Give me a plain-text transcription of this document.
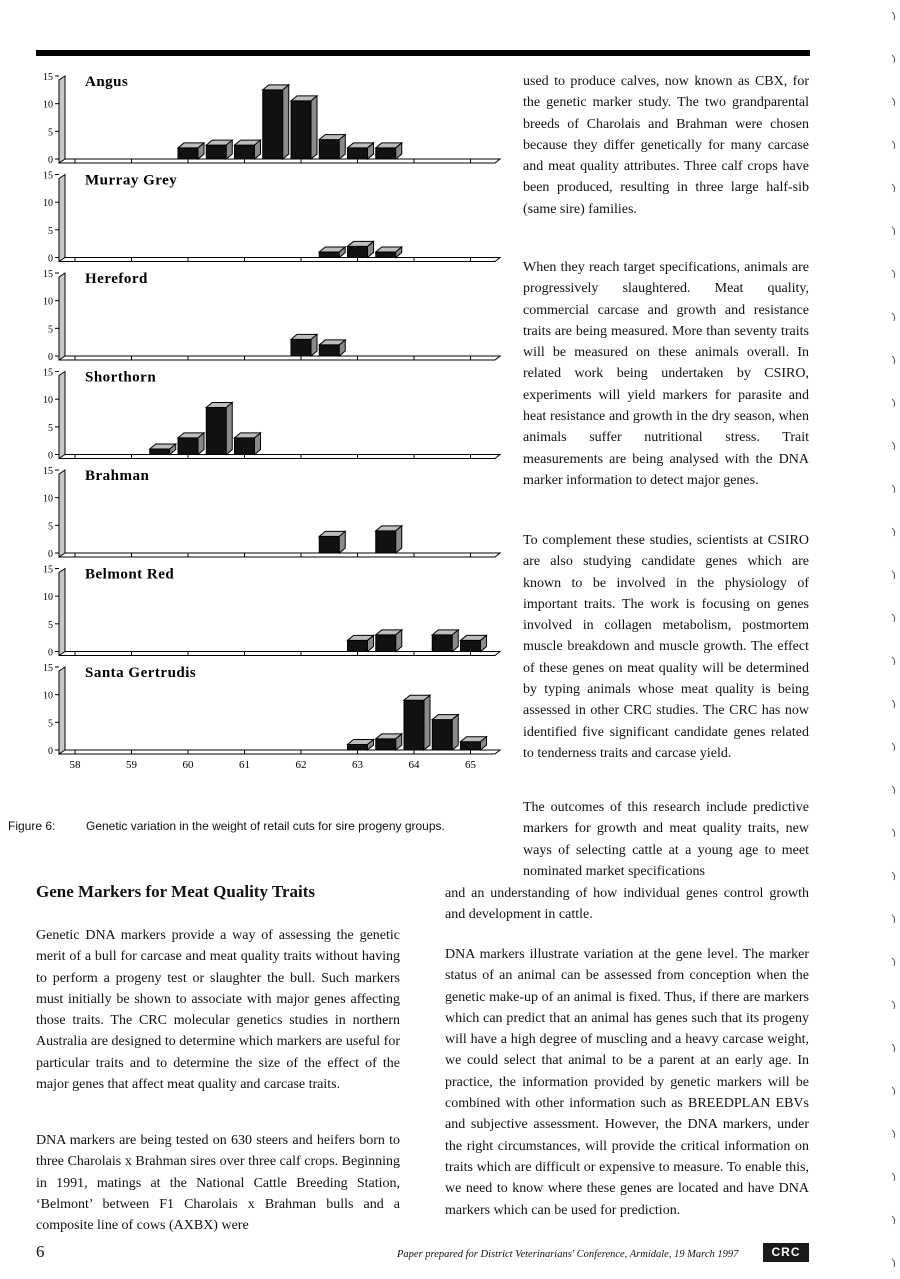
0
5
10
15 Angus
0
5
10
15 Murray Grey
0
5
10
15 Hereford
0
5
10
15 Shorthorn
0
5
10
15 Brahman
0
5
10
15 Belmont Red
0
5
10
15 Santa Gertrudis
58	59	60	61	62	63	64	65
Figure 6:	Genetic variation in the weight of retail cuts for sire progeny groups.

used to produce calves, now known as CBX, for the genetic marker study. The two grandparental breeds of Charolais and Brahman were chosen because they differ genetically for many carcase and meat quality attributes. Three calf crops have been produced, resulting in three large half-sib (same sire) families.

When they reach target specifications, animals are progressively slaughtered. Meat quality, commercial carcase and growth and resistance traits are being measured. More than seventy traits will be measured on these animals overall. In related work being undertaken by CSIRO, experiments will yield markers for parasite and heat resistance and growth in the dry season, when animals suffer nutritional stress. Trait measurements are being analysed with the DNA marker information to detect major genes.

To complement these studies, scientists at CSIRO are also studying candidate genes which are known to be involved in the physiology of important traits. The work is focusing on genes involved in collagen metabolism, postmortem muscle breakdown and muscle growth. The effect of these genes on meat quality will be determined by typing animals whose meat quality is being assessed in other CRC studies. The CRC has now identified five significant candidate genes related to tenderness traits and carcase yield.

The outcomes of this research include predictive markers for growth and meat quality traits, new ways of selecting cattle at a young age to meet nominated market specifications

and an understanding of how individual genes control growth and development in cattle.

DNA markers illustrate variation at the gene level. The marker status of an animal can be assessed from conception when the genetic make-up of an animal is fixed. Thus, if there are markers which can predict that an animal has genes such that its progeny will have a high degree of muscling and a heavy carcase weight, we could select that animal to be a parent at an early age. In practice, the information provided by genetic markers will be combined with other information such as BREEDPLAN EBVs and subjective assessment. However, the DNA markers, under the right circumstances, will provide the critical information on traits which are difficult or expensive to measure. To enable this, we need to know where these genes are located and have DNA markers which can be used for prediction.

Gene Markers for Meat Quality Traits

Genetic DNA markers provide a way of assessing the genetic merit of a bull for carcase and meat quality traits without having to perform a progeny test or slaughter the bull. Such markers must initially be shown to associate with major genes affecting those traits. The CRC molecular genetics studies in northern Australia are designed to determine which markers are useful for particular traits and to determine the size of the effect of the major genes that affect meat quality and carcase traits.

DNA markers are being tested on 630 steers and heifers born to three Charolais x Brahman sires over three calf crops. Beginning in 1991, matings at the National Cattle Breeding Station, ‘Belmont’ between F1 Charolais x Brahman bulls and a composite line of cows (AXBX) were

6	Paper prepared for District Veterinarians' Conference, Armidale, 19 March 1997	CRC
